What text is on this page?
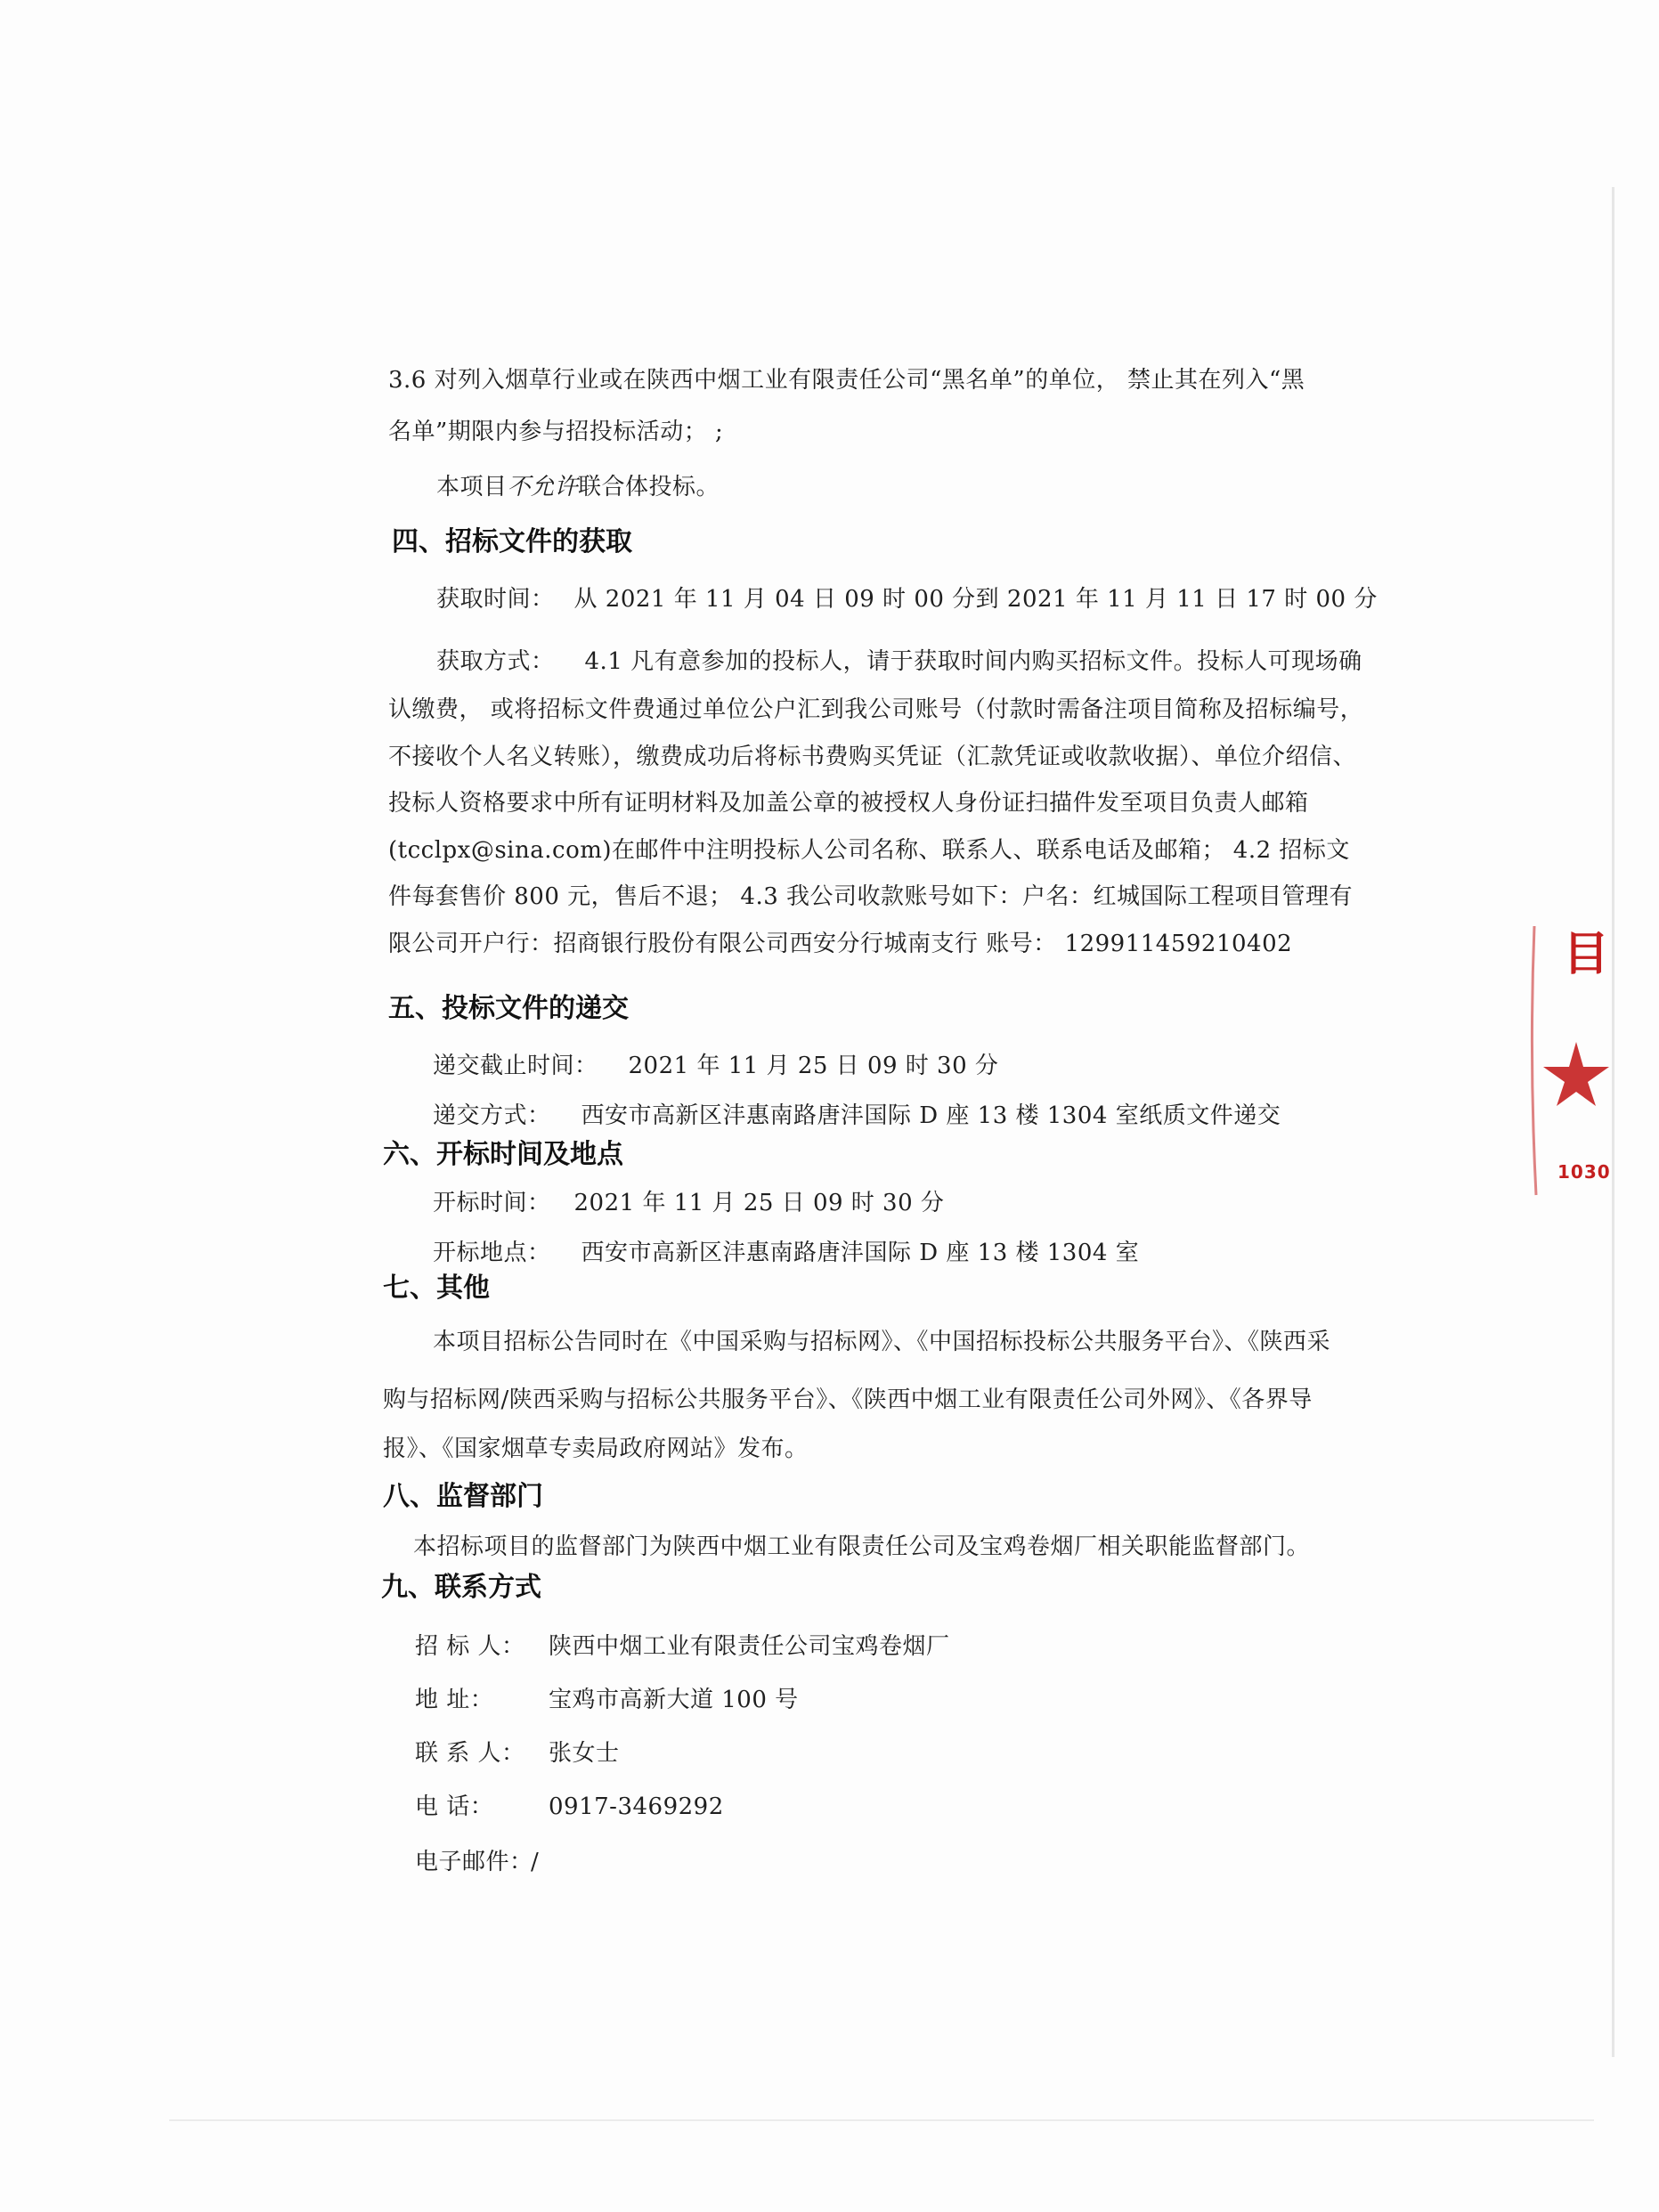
3.6 对列入烟草行业或在陕西中烟工业有限责任公司“黑名单”的单位， 禁止其在列入“黑
名单”期限内参与招投标活动； ;
本项目不允许联合体投标。
四、招标文件的获取
获取时间： 从 2021 年 11 月 04 日 09 时 00 分到 2021 年 11 月 11 日 17 时 00 分
获取方式： 4.1 凡有意参加的投标人，请于获取时间内购买招标文件。投标人可现场确
认缴费， 或将招标文件费通过单位公户汇到我公司账号（付款时需备注项目简称及招标编号，
不接收个人名义转账），缴费成功后将标书费购买凭证（汇款凭证或收款收据）、单位介绍信、
投标人资格要求中所有证明材料及加盖公章的被授权人身份证扫描件发至项目负责人邮箱
(tcclpx@sina.com)在邮件中注明投标人公司名称、联系人、联系电话及邮箱； 4.2 招标文
件每套售价 800 元，售后不退； 4.3 我公司收款账号如下：户名：红城国际工程项目管理有
限公司开户行：招商银行股份有限公司西安分行城南支行 账号： 129911459210402
五、投标文件的递交
递交截止时间： 2021 年 11 月 25 日 09 时 30 分
递交方式： 西安市高新区沣惠南路唐沣国际 D 座 13 楼 1304 室纸质文件递交
六、开标时间及地点
开标时间： 2021 年 11 月 25 日 09 时 30 分
开标地点： 西安市高新区沣惠南路唐沣国际 D 座 13 楼 1304 室
七、其他
本项目招标公告同时在《中国采购与招标网》、《中国招标投标公共服务平台》、《陕西采
购与招标网/陕西采购与招标公共服务平台》、《陕西中烟工业有限责任公司外网》、《各界导
报》、《国家烟草专卖局政府网站》发布。
八、监督部门
本招标项目的监督部门为陕西中烟工业有限责任公司及宝鸡卷烟厂相关职能监督部门。
九、联系方式
招 标 人： 陕西中烟工业有限责任公司宝鸡卷烟厂
地 址： 宝鸡市高新大道 100 号
联 系 人： 张女士
电 话： 0917-3469292
电子邮件：/
目
1030
